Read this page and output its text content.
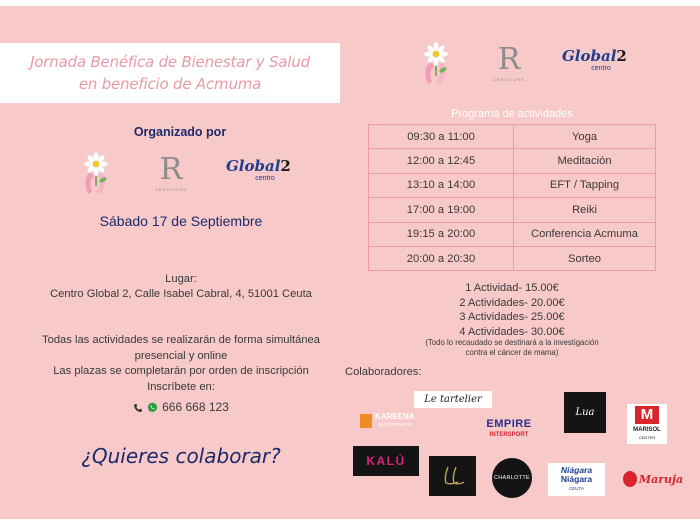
Jornada Benéfica de Bienestar y Salud
en beneficio de Acmuma
Organizado por
R
CREATIONS
Global2
centro
Sábado 17 de Septiembre
Lugar:
Centro Global 2, Calle Isabel Cabral, 4, 51001 Ceuta
Todas las actividades se realizarán de forma simultánea
presencial y online
Las plazas se completarán por orden de inscripción
Inscríbete en:
666 668 123
¿Quieres colaborar?
R
CREATIONS
Global2
centro
Programa de actividades
09:30 a 11:00	Yoga
12:00 a 12:45	Meditación
13:10 a 14:00	EFT / Tapping
17:00 a 19:00	Reiki
19:15 a 20:00	Conferencia Acmuma
20:00 a 20:30	Sorteo
1 Actividad- 15.00€
2 Actividades- 20.00€
3 Actividades- 25.00€
4 Actividades- 30.00€
(Todo lo recaudado se destinará a la investigación
contra el cáncer de mama)
Colaboradores:
Le tartelier
KAREENA
ELECTRONICS	EMPIRE
INTERSPORT
Lua	M
MARISOL
CENTER
KALÚ
CHARLOTTE
Niágara
Niágara
CEUTA
Maruja
